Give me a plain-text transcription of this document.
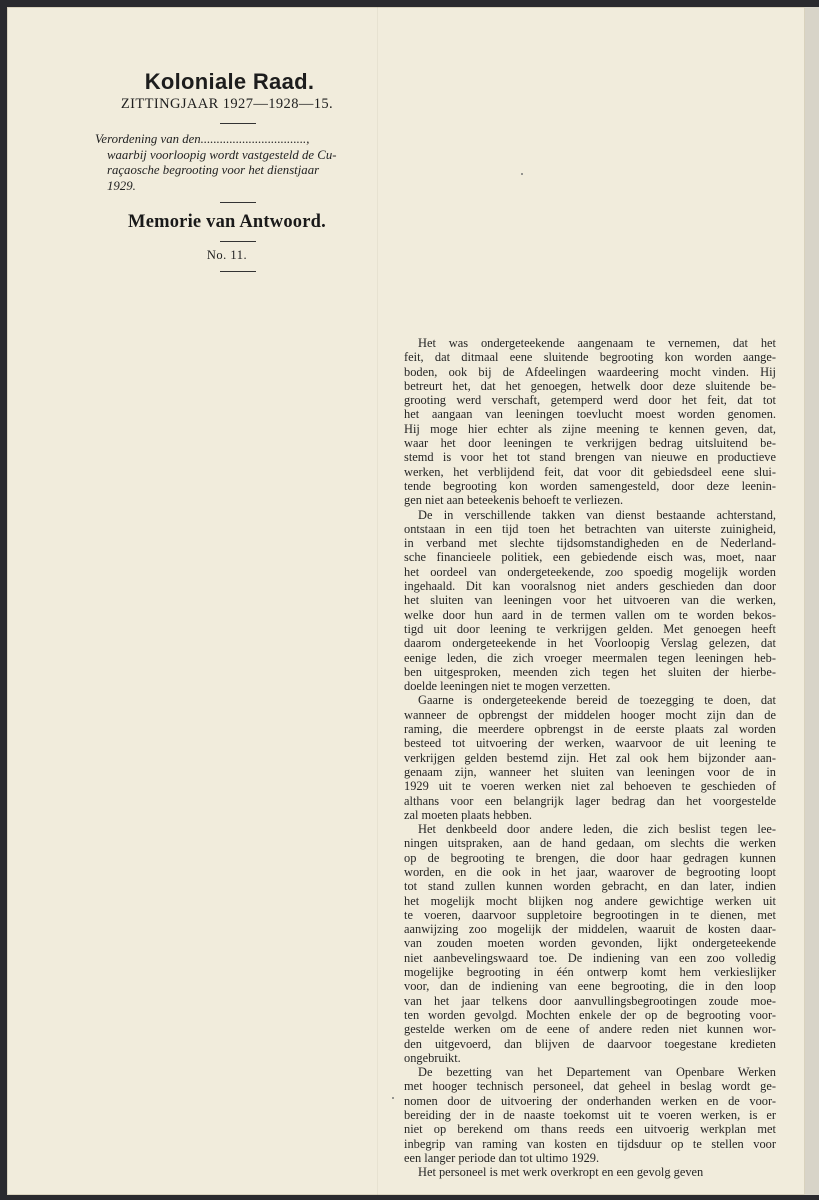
Koloniale Raad.
ZITTINGJAAR 1927—1928—15.
Verordening van den.................................,
waarbij voorloopig wordt vastgesteld de Cu-
raçaosche begrooting voor het dienstjaar
1929.
Memorie van Antwoord.
No. 11.
Het was ondergeteekende aangenaam te vernemen, dat het
feit, dat ditmaal eene sluitende begrooting kon worden aange-
boden, ook bij de Afdeelingen waardeering mocht vinden. Hij
betreurt het, dat het genoegen, hetwelk door deze sluitende be-
grooting werd verschaft, getemperd werd door het feit, dat tot
het aangaan van leeningen toevlucht moest worden genomen.
Hij moge hier echter als zijne meening te kennen geven, dat,
waar het door leeningen te verkrijgen bedrag uitsluitend be-
stemd is voor het tot stand brengen van nieuwe en productieve
werken, het verblijdend feit, dat voor dit gebiedsdeel eene slui-
tende begrooting kon worden samengesteld, door deze leenin-
gen niet aan beteekenis behoeft te verliezen.
De in verschillende takken van dienst bestaande achterstand,
ontstaan in een tijd toen het betrachten van uiterste zuinigheid,
in verband met slechte tijdsomstandigheden en de Nederland-
sche financieele politiek, een gebiedende eisch was, moet, naar
het oordeel van ondergeteekende, zoo spoedig mogelijk worden
ingehaald. Dit kan vooralsnog niet anders geschieden dan door
het sluiten van leeningen voor het uitvoeren van die werken,
welke door hun aard in de termen vallen om te worden bekos-
tigd uit door leening te verkrijgen gelden. Met genoegen heeft
daarom ondergeteekende in het Voorloopig Verslag gelezen, dat
eenige leden, die zich vroeger meermalen tegen leeningen heb-
ben uitgesproken, meenden zich tegen het sluiten der hierbe-
doelde leeningen niet te mogen verzetten.
Gaarne is ondergeteekende bereid de toezegging te doen, dat
wanneer de opbrengst der middelen hooger mocht zijn dan de
raming, die meerdere opbrengst in de eerste plaats zal worden
besteed tot uitvoering der werken, waarvoor de uit leening te
verkrijgen gelden bestemd zijn. Het zal ook hem bijzonder aan-
genaam zijn, wanneer het sluiten van leeningen voor de in
1929 uit te voeren werken niet zal behoeven te geschieden of
althans voor een belangrijk lager bedrag dan het voorgestelde
zal moeten plaats hebben.
Het denkbeeld door andere leden, die zich beslist tegen lee-
ningen uitspraken, aan de hand gedaan, om slechts die werken
op de begrooting te brengen, die door haar gedragen kunnen
worden, en die ook in het jaar, waarover de begrooting loopt
tot stand zullen kunnen worden gebracht, en dan later, indien
het mogelijk mocht blijken nog andere gewichtige werken uit
te voeren, daarvoor suppletoire begrootingen in te dienen, met
aanwijzing zoo mogelijk der middelen, waaruit de kosten daar-
van zouden moeten worden gevonden, lijkt ondergeteekende
niet aanbevelingswaard toe. De indiening van een zoo volledig
mogelijke begrooting in één ontwerp komt hem verkieslijker
voor, dan de indiening van eene begrooting, die in den loop
van het jaar telkens door aanvullingsbegrootingen zoude moe-
ten worden gevolgd. Mochten enkele der op de begrooting voor-
gestelde werken om de eene of andere reden niet kunnen wor-
den uitgevoerd, dan blijven de daarvoor toegestane kredieten
ongebruikt.
De bezetting van het Departement van Openbare Werken
met hooger technisch personeel, dat geheel in beslag wordt ge-
nomen door de uitvoering der onderhanden werken en de voor-
bereiding der in de naaste toekomst uit te voeren werken, is er
niet op berekend om thans reeds een uitvoerig werkplan met
inbegrip van raming van kosten en tijdsduur op te stellen voor
een langer periode dan tot ultimo 1929.
Het personeel is met werk overkropt en een gevolg geven
